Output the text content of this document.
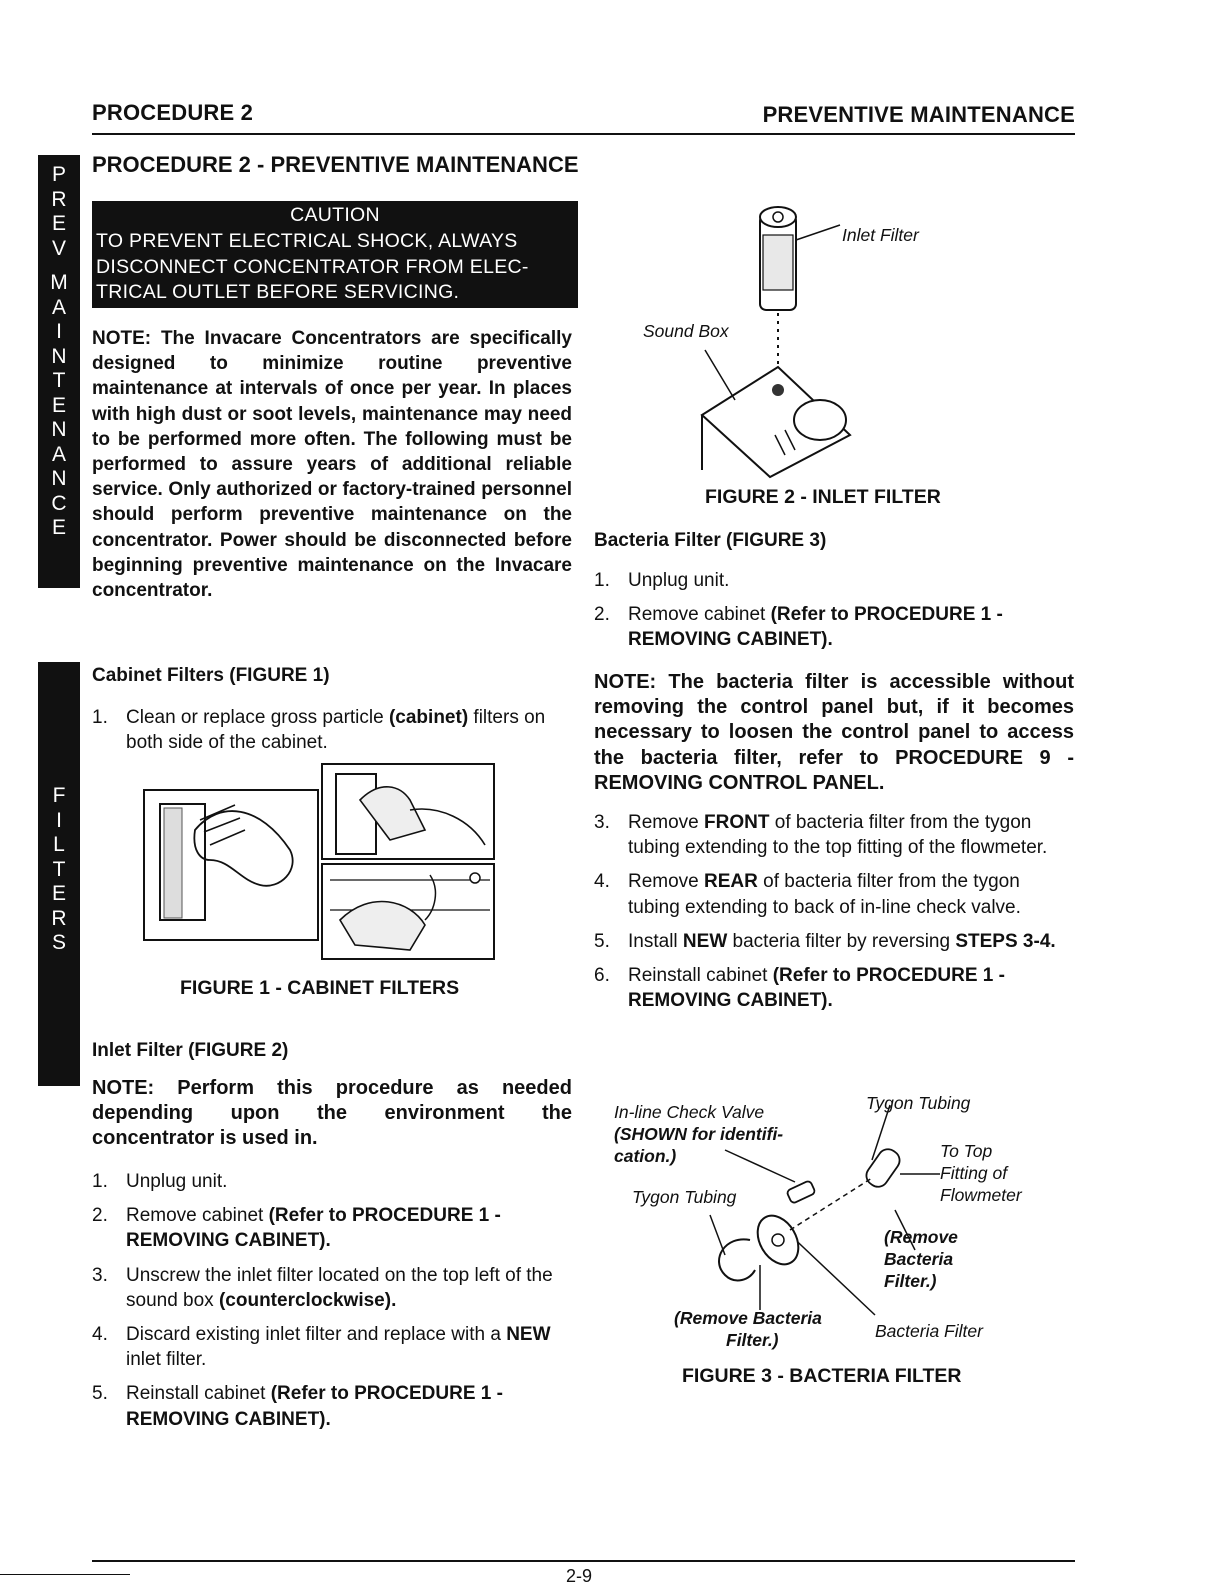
PROCEDURE 2	PREVENTIVE MAINTENANCE
P
R
E
V
M
A
I
N
T
E
N
A
N
C
E
F
I
L
T
E
R
S
PROCEDURE 2 - PREVENTIVE MAINTENANCE
CAUTION
TO PREVENT ELECTRICAL SHOCK, ALWAYS
DISCONNECT CONCENTRATOR FROM ELEC-
TRICAL OUTLET BEFORE SERVICING.
NOTE: The Invacare Concentrators are specifically designed to minimize routine preventive maintenance at intervals of once per year. In places with high dust or soot levels, maintenance may need to be performed more often. The following must be performed to assure years of additional reliable service. Only authorized or factory-trained personnel should perform preventive maintenance on the concentrator. Power should be disconnected before beginning preventive maintenance on the Invacare concentrator.
Cabinet Filters (FIGURE 1)
1. Clean or replace gross particle (cabinet) filters on both side of the cabinet.
FIGURE 1 - CABINET FILTERS
Inlet Filter (FIGURE 2)
NOTE: Perform this procedure as needed depending upon the environment the concentrator is used in.
1. Unplug unit.
2. Remove cabinet (Refer to PROCEDURE 1 - REMOVING CABINET).
3. Unscrew the inlet filter located on the top left of the sound box (counterclockwise).
4. Discard existing inlet filter and replace with a NEW inlet filter.
5. Reinstall cabinet (Refer to PROCEDURE 1 - REMOVING CABINET).
Inlet Filter
Sound Box
FIGURE 2 - INLET FILTER
Bacteria Filter (FIGURE 3)
1. Unplug unit.
2. Remove cabinet (Refer to PROCEDURE 1 - REMOVING CABINET).
NOTE: The bacteria filter is accessible without removing the control panel but, if it becomes necessary to loosen the control panel to access the bacteria filter, refer to PROCEDURE 9 - REMOVING CONTROL PANEL.
3. Remove FRONT of bacteria filter from the tygon tubing extending to the top fitting of the flowmeter.
4. Remove REAR of bacteria filter from the tygon tubing extending to back of in-line check valve.
5. Install NEW bacteria filter by reversing STEPS 3-4.
6. Reinstall cabinet (Refer to PROCEDURE 1 - REMOVING CABINET).
In-line Check Valve
(SHOWN for identifi-
cation.)
Tygon Tubing
To Top
Fitting of
Flowmeter
Tygon Tubing
(Remove
Bacteria
Filter.)
(Remove Bacteria
Filter.)	Bacteria Filter
FIGURE 3 - BACTERIA FILTER
2-9
